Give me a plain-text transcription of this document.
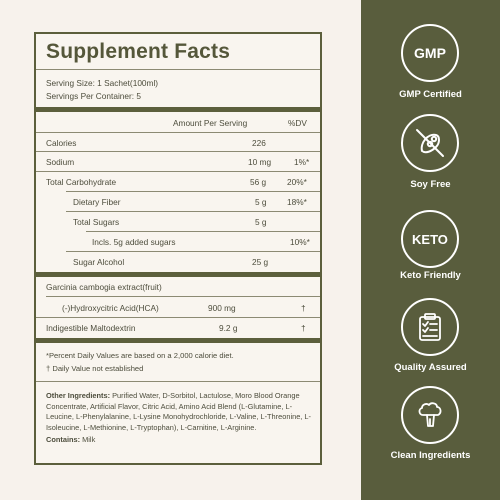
Supplement Facts
Serving Size: 1 Sachet(100ml)
Servings Per Container: 5
Amount Per Serving	%DV
Calories	226
Sodium	10 mg	1%*
Total Carbohydrate	56 g	20%*
Dietary Fiber	5 g 18%*
Total Sugars	5 g
Incls. 5g added sugars	10%*
Sugar Alcohol	25 g
Garcinia cambogia extract(fruit)
(-)Hydroxycitric Acid(HCA)	900 mg	†
Indigestible Maltodextrin	9.2 g	†
*Percent Daily Values are based on a 2,000 calorie diet.
† Daily Value not established
Other Ingredients: Purified Water, D-Sorbitol, Lactulose, Moro Blood Orange Concentrate, Artificial Flavor, Citric Acid, Amino Acid Blend (L-Glutamine, L-Leucine, L-Phenylalanine, L-Lysine Monohydrochloride, L-Valine, L-Threonine, L-Isoleucine, L-Methionine, L-Tryptophan), L-Carnitine, L-Arginine.
Contains: Milk
GMP
GMP Certified
Soy Free
KETO
Keto Friendly
Quality Assured
Clean Ingredients
